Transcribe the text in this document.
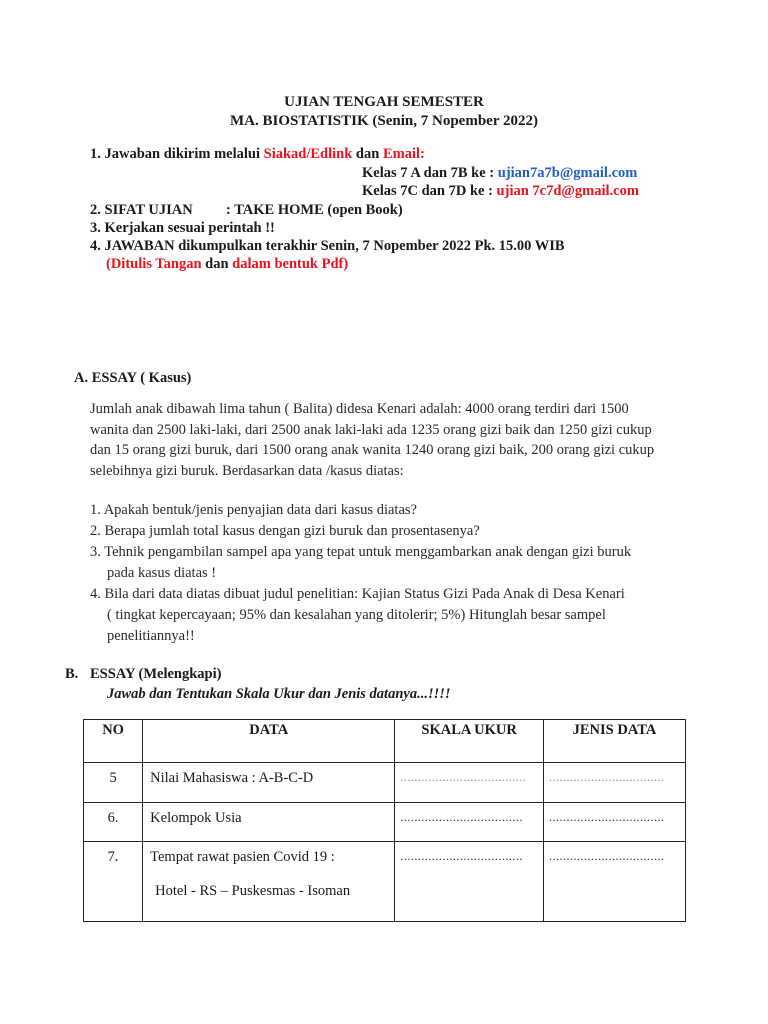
UJIAN TENGAH SEMESTER
MA. BIOSTATISTIK (Senin, 7 Nopember 2022)
1. Jawaban dikirim melalui Siakad/Edlink dan Email:
Kelas 7 A dan 7B ke : ujian7a7b@gmail.com
Kelas 7C dan 7D ke : ujian 7c7d@gmail.com
2. SIFAT UJIAN : TAKE HOME (open Book)
3. Kerjakan sesuai perintah !!
4. JAWABAN dikumpulkan terakhir Senin, 7 Nopember 2022 Pk. 15.00 WIB
(Ditulis Tangan dan dalam bentuk Pdf)
A. ESSAY ( Kasus)
Jumlah anak dibawah lima tahun ( Balita) didesa Kenari adalah: 4000 orang terdiri dari 1500
wanita dan 2500 laki-laki, dari 2500 anak laki-laki ada 1235 orang gizi baik dan 1250 gizi cukup
dan 15 orang gizi buruk, dari 1500 orang anak wanita 1240 orang gizi baik, 200 orang gizi cukup
selebihnya gizi buruk. Berdasarkan data /kasus diatas:
1. Apakah bentuk/jenis penyajian data dari kasus diatas?
2. Berapa jumlah total kasus dengan gizi buruk dan prosentasenya?
3. Tehnik pengambilan sampel apa yang tepat untuk menggambarkan anak dengan gizi buruk
pada kasus diatas !
4. Bila dari data diatas dibuat judul penelitian: Kajian Status Gizi Pada Anak di Desa Kenari
( tingkat kepercayaan; 95% dan kesalahan yang ditolerir; 5%) Hitunglah besar sampel
penelitiannya!!
B. ESSAY (Melengkapi)
Jawab dan Tentukan Skala Ukur dan Jenis datanya...!!!!
NO	DATA	SKALA UKUR	JENIS DATA

5	Nilai Mahasiswa : A-B-C-D	....................................	.................................

6.	Kelompok Usia	...................................	.................................

7.	Tempat rawat pasien Covid 19 :
Hotel - RS – Puskesmas - Isoman	...................................	.................................
